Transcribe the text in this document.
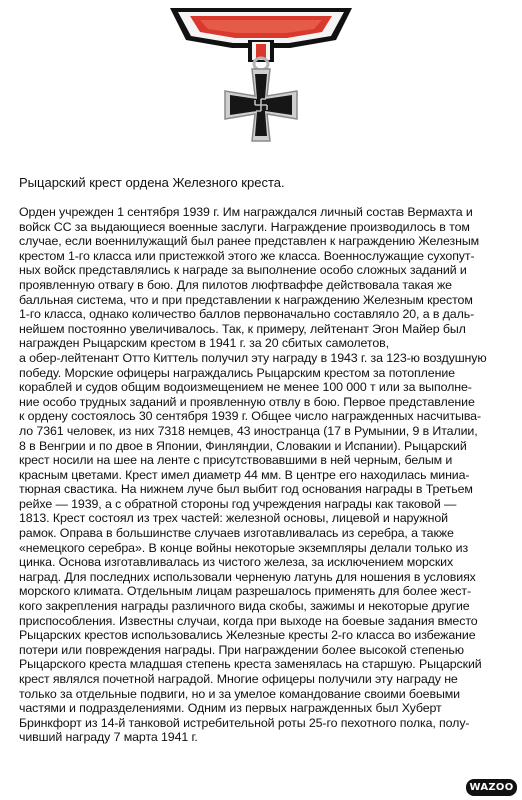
Рыцарский крест ордена Железного креста.

Орден учрежден 1 сентября 1939 г. Им награждался личный состав Вермахта и
войск СС за выдающиеся военные заслуги. Награждение производилось в том
случае, если военнилужащий был ранее представлен к награждению Железным
крестом 1-го класса или пристежкой этого же класса. Военнослужащие сухопут-
ных войск представлялись к награде за выполнение особо сложных заданий и
проявленную отвагу в бою. Для пилотов люфтваффе действовала такая же
балльная система, что и при представлении к награждению Железным крестом
1-го класса, однако количество баллов первоначально составляло 20, а в даль-
нейшем постоянно увеличивалось. Так, к примеру, лейтенант Эгон Майер был
награжден Рыцарским крестом в 1941 г. за 20 сбитых самолетов,
а обер-лейтенант Отто Киттель получил эту награду в 1943 г. за 123-ю воздушную
победу. Морские офицеры награждались Рыцарским крестом за потопление
кораблей и судов общим водоизмещением не менее 100 000 т или за выполне-
ние особо трудных заданий и проявленную отвлу в бою. Первое представление
к ордену состоялось 30 сентября 1939 г. Общее число награжденных насчитыва-
ло 7361 человек, из них 7318 немцев, 43 иностранца (17 в Румынии, 9 в Италии,
8 в Венгрии и по двое в Японии, Финляндии, Словакии и Испании). Рыцарский
крест носили на шее на ленте с присутствовавшими в ней черным, белым и
красным цветами. Крест имел диаметр 44 мм. В центре его находилась миниа-
тюрная свастика. На нижнем луче был выбит год основания награды в Третьем
рейхе — 1939, а с обратной стороны год учреждения награды как таковой —
1813. Крест состоял из трех частей: железной основы, лицевой и наружной
рамок. Оправа в большинстве случаев изготавливалась из серебра, а также
«немецкого серебра». В конце войны некоторые экземпляры делали только из
цинка. Основа изготавливалась из чистого железа, за исключением морских
наград. Для последних использовали черненую латунь для ношения в условиях
морского климата. Отдельным лицам разрешалось применять для более жест-
кого закрепления награды различного вида скобы, зажимы и некоторые другие
приспособления. Известны случаи, когда при выходе на боевые задания вместо
Рыцарских крестов использовались Железные кресты 2-го класса во избежание
потери или повреждения награды. При награждении более высокой степенью
Рыцарского креста младшая степень креста заменялась на старшую. Рыцарский
крест являлся почетной наградой. Многие офицеры получили эту награду не
только за отдельные подвиги, но и за умелое командование своими боевыми
частями и подразделениями. Одним из первых награжденных был Хуберт
Бринкфорт из 14-й танковой истребительной роты 25-го пехотного полка, полу-
чивший награду 7 марта 1941 г.
WAZOO
